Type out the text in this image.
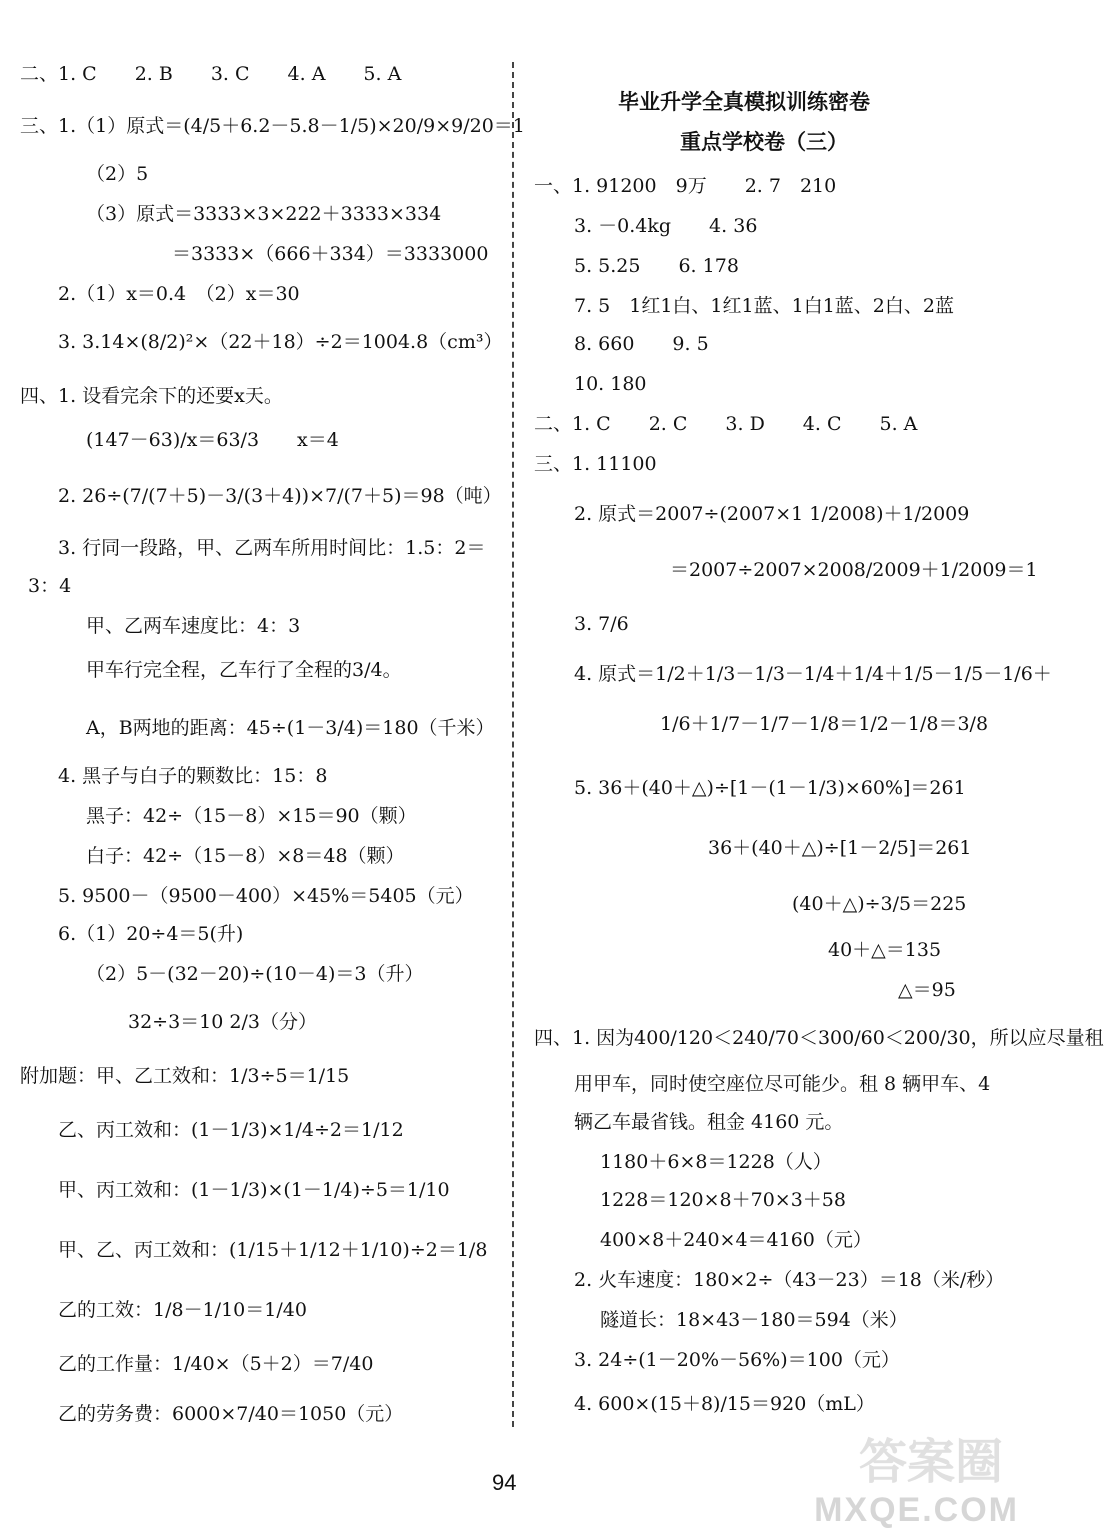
二、1. C　　2. B　　3. C　　4. A　　5. A
三、1.（1）原式＝(4/5＋6.2－5.8－1/5)×20/9×9/20＝1
（2）5
（3）原式＝3333×3×222＋3333×334
＝3333×（666＋334）＝3333000
2.（1）x＝0.4　（2）x＝30
3. 3.14×(8/2)²×（22＋18）÷2＝1004.8（cm³）
四、1. 设看完余下的还要x天。
(147－63)/x＝63/3　　x＝4
2. 26÷(7/(7＋5)－3/(3＋4))×7/(7＋5)＝98（吨）
3. 行同一段路，甲、乙两车所用时间比：1.5：2＝
3：4
甲、乙两车速度比：4：3
甲车行完全程，乙车行了全程的3/4。
A，B两地的距离：45÷(1－3/4)＝180（千米）
4. 黑子与白子的颗数比：15：8
黑子：42÷（15－8）×15＝90（颗）
白子：42÷（15－8）×8＝48（颗）
5. 9500－（9500－400）×45%＝5405（元）
6.（1）20÷4＝5(升)
（2）5－(32－20)÷(10－4)＝3（升）
32÷3＝10 2/3（分）
附加题：甲、乙工效和：1/3÷5＝1/15
乙、丙工效和：(1－1/3)×1/4÷2＝1/12
甲、丙工效和：(1－1/3)×(1－1/4)÷5＝1/10
甲、乙、丙工效和：(1/15＋1/12＋1/10)÷2＝1/8
乙的工效：1/8－1/10＝1/40
乙的工作量：1/40×（5＋2）＝7/40
乙的劳务费：6000×7/40＝1050（元）
毕业升学全真模拟训练密卷
重点学校卷（三）
一、1. 91200　9万　　2. 7　210
3. －0.4kg　　4. 36
5. 5.25　　6. 178
7. 5　1红1白、1红1蓝、1白1蓝、2白、2蓝
8. 660　　9. 5
10. 180
二、1. C　　2. C　　3. D　　4. C　　5. A
三、1. 11100
2. 原式＝2007÷(2007×1 1/2008)＋1/2009
＝2007÷2007×2008/2009＋1/2009＝1
3. 7/6
4. 原式＝1/2＋1/3－1/3－1/4＋1/4＋1/5－1/5－1/6＋
1/6＋1/7－1/7－1/8＝1/2－1/8＝3/8
5. 36＋(40＋△)÷[1－(1－1/3)×60%]＝261
36＋(40＋△)÷[1－2/5]＝261
(40＋△)÷3/5＝225
40＋△＝135
△＝95
四、1. 因为400/120＜240/70＜300/60＜200/30，所以应尽量租
用甲车，同时使空座位尽可能少。租 8 辆甲车、4
辆乙车最省钱。租金 4160 元。
1180＋6×8＝1228（人）
1228＝120×8＋70×3＋58
400×8＋240×4＝4160（元）
2. 火车速度：180×2÷（43－23）＝18（米/秒）
隧道长：18×43－180＝594（米）
3. 24÷(1－20%－56%)＝100（元）
4. 600×(15＋8)/15＝920（mL）
94	答案圈
MXQE.COM
